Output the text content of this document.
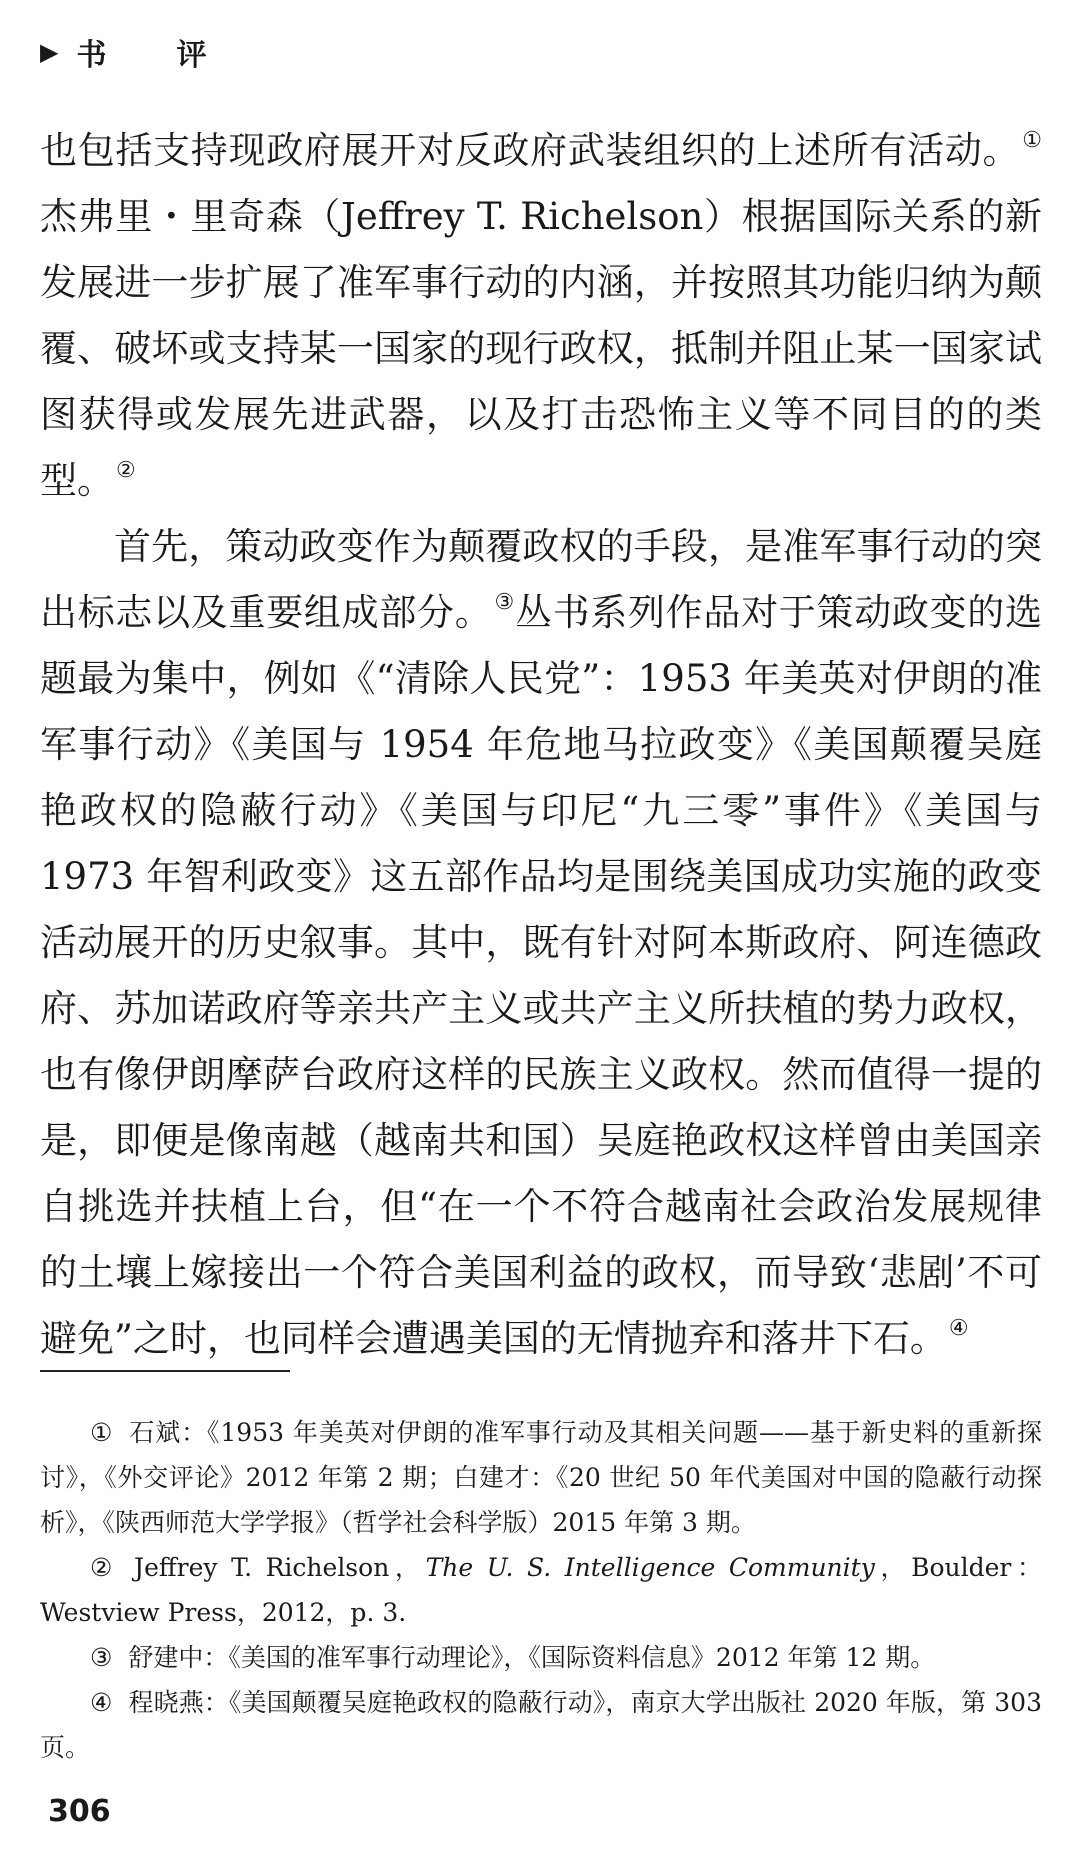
▶ 书 评

也包括支持现政府展开对反政府武装组织的上述所有活动。①杰弗里・里奇森（Jeffrey T. Richelson）根据国际关系的新发展进一步扩展了准军事行动的内涵，并按照其功能归纳为颠覆、破坏或支持某一国家的现行政权，抵制并阻止某一国家试图获得或发展先进武器，以及打击恐怖主义等不同目的的类型。②

首先，策动政变作为颠覆政权的手段，是准军事行动的突出标志以及重要组成部分。③丛书系列作品对于策动政变的选题最为集中，例如《“清除人民党”：1953 年美英对伊朗的准军事行动》《美国与 1954 年危地马拉政变》《美国颠覆吴庭艳政权的隐蔽行动》《美国与印尼“九三零”事件》《美国与 1973 年智利政变》这五部作品均是围绕美国成功实施的政变活动展开的历史叙事。其中，既有针对阿本斯政府、阿连德政府、苏加诺政府等亲共产主义或共产主义所扶植的势力政权，也有像伊朗摩萨台政府这样的民族主义政权。然而值得一提的是，即便是像南越（越南共和国）吴庭艳政权这样曾由美国亲自挑选并扶植上台，但“在一个不符合越南社会政治发展规律的土壤上嫁接出一个符合美国利益的政权，而导致‘悲剧’不可避免”之时，也同样会遭遇美国的无情抛弃和落井下石。④

① 石斌：《1953 年美英对伊朗的准军事行动及其相关问题——基于新史料的重新探讨》，《外交评论》2012 年第 2 期；白建才：《20 世纪 50 年代美国对中国的隐蔽行动探析》，《陕西师范大学学报》（哲学社会科学版）2015 年第 3 期。

② Jeffrey T. Richelson，The U. S. Intelligence Community，Boulder：Westview Press，2012，p. 3.

③ 舒建中：《美国的准军事行动理论》，《国际资料信息》2012 年第 12 期。

④ 程晓燕：《美国颠覆吴庭艳政权的隐蔽行动》，南京大学出版社 2020 年版，第 303 页。

306
